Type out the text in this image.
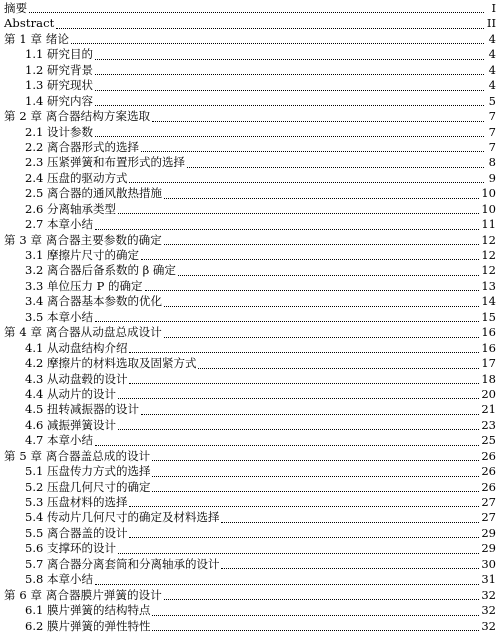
摘要	I
Abstract	II
第 1 章 绪论	4
1.1 研究目的	4
1.2 研究背景	4
1.3 研究现状	4
1.4 研究内容	5
第 2 章 离合器结构方案选取	7
2.1 设计参数	7
2.2 离合器形式的选择	7
2.3 压紧弹簧和布置形式的选择	8
2.4 压盘的驱动方式	9
2.5 离合器的通风散热措施	10
2.6 分离轴承类型	10
2.7 本章小结	11
第 3 章 离合器主要参数的确定	12
3.1 摩擦片尺寸的确定	12
3.2 离合器后备系数的 β 确定	12
3.3 单位压力 P 的确定	13
3.4 离合器基本参数的优化	14
3.5 本章小结	15
第 4 章 离合器从动盘总成设计	16
4.1 从动盘结构介绍	16
4.2 摩擦片的材料选取及固紧方式	17
4.3 从动盘毂的设计	18
4.4 从动片的设计	20
4.5 扭转减振器的设计	21
4.6 减振弹簧设计	23
4.7 本章小结	25
第 5 章 离合器盖总成的设计	26
5.1 压盘传力方式的选择	26
5.2 压盘几何尺寸的确定	26
5.3 压盘材料的选择	27
5.4 传动片几何尺寸的确定及材料选择	27
5.5 离合器盖的设计	29
5.6 支撑环的设计	29
5.7 离合器分离套筒和分离轴承的设计	30
5.8 本章小结	31
第 6 章 离合器膜片弹簧的设计	32
6.1 膜片弹簧的结构特点	32
6.2 膜片弹簧的弹性特性	32
